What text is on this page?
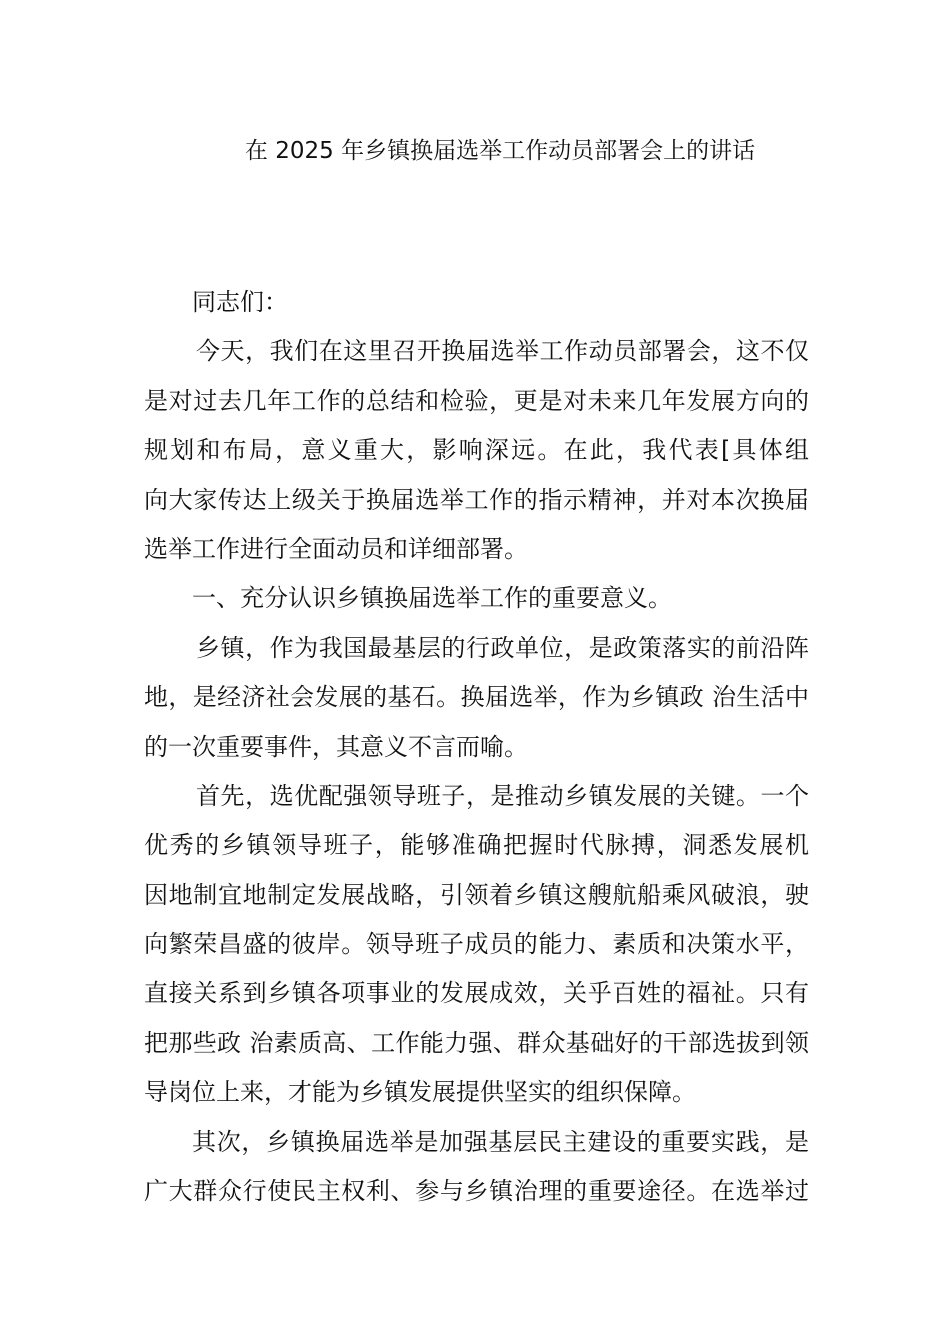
在 2025 年乡镇换届选举工作动员部署会上的讲话
同志们：
今天，我们在这里召开换届选举工作动员部署会，这不仅
是对过去几年工作的总结和检验，更是对未来几年发展方向的
规划和布局，意义重大，影响深远。在此，我代表[具体组
向大家传达上级关于换届选举工作的指示精神，并对本次换届
选举工作进行全面动员和详细部署。
一、充分认识乡镇换届选举工作的重要意义。
乡镇，作为我国最基层的行政单位，是政策落实的前沿阵
地，是经济社会发展的基石。换届选举，作为乡镇政 治生活中
的一次重要事件，其意义不言而喻。
首先，选优配强领导班子，是推动乡镇发展的关键。一个
优秀的乡镇领导班子，能够准确把握时代脉搏，洞悉发展机
因地制宜地制定发展战略，引领着乡镇这艘航船乘风破浪，驶
向繁荣昌盛的彼岸。领导班子成员的能力、素质和决策水平，
直接关系到乡镇各项事业的发展成效，关乎百姓的福祉。只有
把那些政 治素质高、工作能力强、群众基础好的干部选拔到领
导岗位上来，才能为乡镇发展提供坚实的组织保障。
其次，乡镇换届选举是加强基层民主建设的重要实践，是
广大群众行使民主权利、参与乡镇治理的重要途径。在选举过
